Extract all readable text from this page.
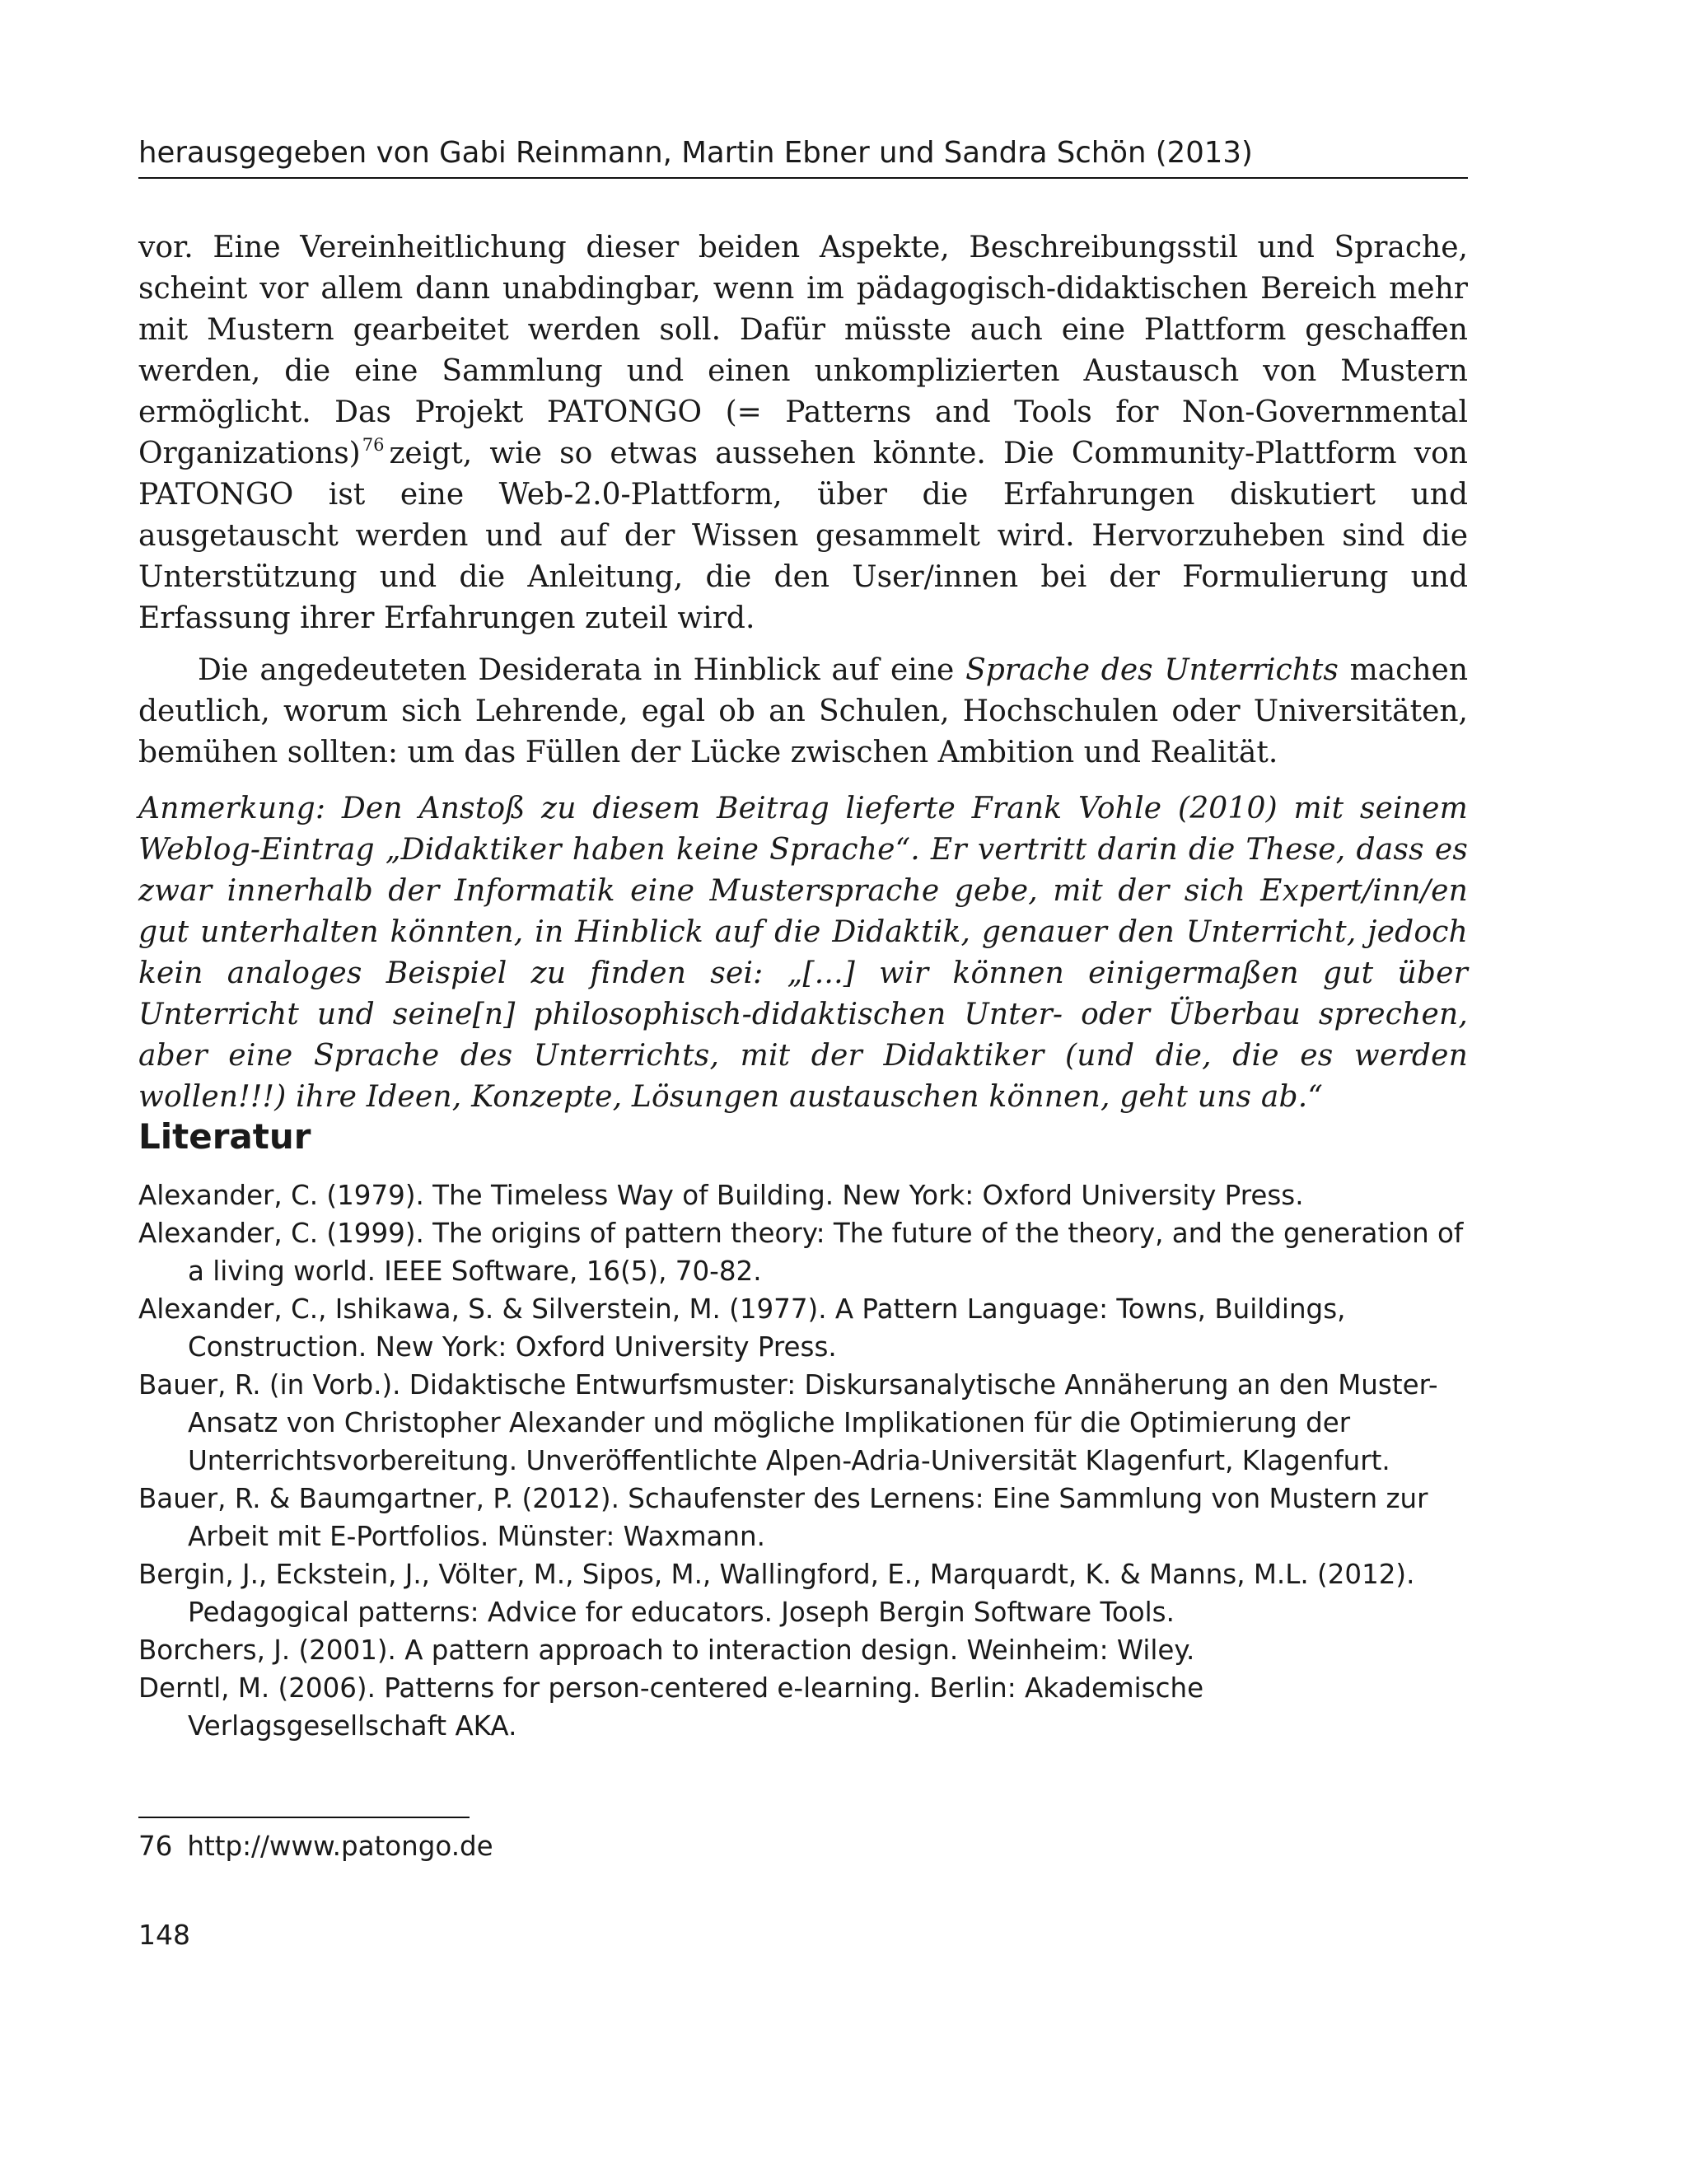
herausgegeben von Gabi Reinmann, Martin Ebner und Sandra Schön (2013)

vor. Eine Vereinheitlichung dieser beiden Aspekte, Beschreibungsstil und Sprache, scheint vor allem dann unabdingbar, wenn im pädagogisch-didaktischen Bereich mehr mit Mustern gearbeitet werden soll. Dafür müsste auch eine Plattform geschaffen werden, die eine Sammlung und einen unkomplizierten Austausch von Mustern ermöglicht. Das Projekt PATONGO (= Patterns and Tools for Non-Governmental Organizations)$^{76}$ zeigt, wie so etwas aussehen könnte. Die Community-Plattform von PATONGO ist eine Web-2.0-Plattform, über die Erfahrungen diskutiert und ausgetauscht werden und auf der Wissen gesammelt wird. Hervorzuheben sind die Unterstützung und die Anleitung, die den User/innen bei der Formulierung und Erfassung ihrer Erfahrungen zuteil wird.

Die angedeuteten Desiderata in Hinblick auf eine Sprache des Unterrichts machen deutlich, worum sich Lehrende, egal ob an Schulen, Hochschulen oder Universitäten, bemühen sollten: um das Füllen der Lücke zwischen Ambition und Realität.

Anmerkung: Den Anstoß zu diesem Beitrag lieferte Frank Vohle (2010) mit seinem Weblog-Eintrag „Didaktiker haben keine Sprache“. Er vertritt darin die These, dass es zwar innerhalb der Informatik eine Mustersprache gebe, mit der sich Expert/inn/en gut unterhalten könnten, in Hinblick auf die Didaktik, genauer den Unterricht, jedoch kein analoges Beispiel zu finden sei: „[...] wir können einigermaßen gut über Unterricht und seine[n] philosophisch-didaktischen Unter- oder Überbau sprechen, aber eine Sprache des Unterrichts, mit der Didaktiker (und die, die es werden wollen!!!) ihre Ideen, Konzepte, Lösungen austauschen können, geht uns ab.“

Literatur
Alexander, C. (1979). The Timeless Way of Building. New York: Oxford University Press.
Alexander, C. (1999). The origins of pattern theory: The future of the theory, and the generation of a living world. IEEE Software, 16(5), 70-82.
Alexander, C., Ishikawa, S. & Silverstein, M. (1977). A Pattern Language: Towns, Buildings, Construction. New York: Oxford University Press.
Bauer, R. (in Vorb.). Didaktische Entwurfsmuster: Diskursanalytische Annäherung an den Muster-Ansatz von Christopher Alexander und mögliche Implikationen für die Optimierung der Unterrichtsvorbereitung. Unveröffentlichte Alpen-Adria-Universität Klagenfurt, Klagenfurt.
Bauer, R. & Baumgartner, P. (2012). Schaufenster des Lernens: Eine Sammlung von Mustern zur Arbeit mit E-Portfolios. Münster: Waxmann.
Bergin, J., Eckstein, J., Völter, M., Sipos, M., Wallingford, E., Marquardt, K. & Manns, M.L. (2012). Pedagogical patterns: Advice for educators. Joseph Bergin Software Tools.
Borchers, J. (2001). A pattern approach to interaction design. Weinheim: Wiley.
Derntl, M. (2006). Patterns for person-centered e-learning. Berlin: Akademische Verlagsgesellschaft AKA.
76 http://www.patongo.de
148
